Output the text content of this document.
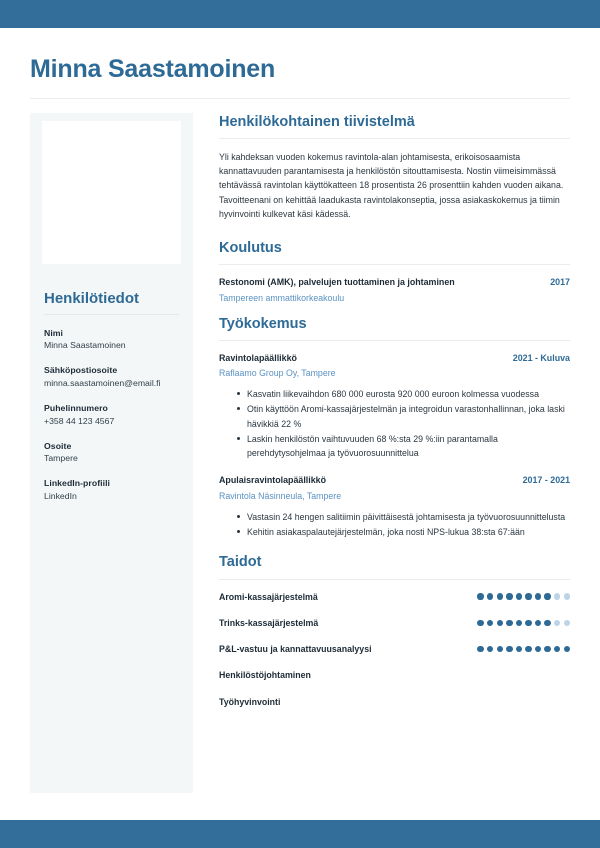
Minna Saastamoinen
Henkilötiedot
Nimi
Minna Saastamoinen
Sähköpostiosoite
minna.saastamoinen@email.fi
Puhelinnumero
+358 44 123 4567
Osoite
Tampere
LinkedIn-profiili
LinkedIn
Henkilökohtainen tiivistelmä

Yli kahdeksan vuoden kokemus ravintola-alan johtamisesta, erikoisosaamista kannattavuuden parantamisesta ja henkilöstön sitouttamisesta. Nostin viimeisimmässä tehtävässä ravintolan käyttökatteen 18 prosentista 26 prosenttiin kahden vuoden aikana. Tavoitteenani on kehittää laadukasta ravintolakonseptia, jossa asiakaskokemus ja tiimin hyvinvointi kulkevat käsi kädessä.

Koulutus
Restonomi (AMK), palvelujen tuottaminen ja johtaminen	2017
Tampereen ammattikorkeakoulu
Työkokemus
Ravintolapäällikkö	2021 - Kuluva
Raflaamo Group Oy, Tampere
Kasvatin liikevaihdon 680 000 eurosta 920 000 euroon kolmessa vuodessa
Otin käyttöön Aromi-kassajärjestelmän ja integroidun varastonhallinnan, joka laski hävikkiä 22 %
Laskin henkilöstön vaihtuvuuden 68 %:sta 29 %:iin parantamalla perehdytysohjelmaa ja työvuorosuunnittelua
Apulaisravintolapäällikkö	2017 - 2021
Ravintola Näsinneula, Tampere
Vastasin 24 hengen salitiimin päivittäisestä johtamisesta ja työvuorosuunnittelusta
Kehitin asiakaspalautejärjestelmän, joka nosti NPS-lukua 38:sta 67:ään
Taidot
Aromi-kassajärjestelmä
Trinks-kassajärjestelmä
P&L-vastuu ja kannattavuusanalyysi
Henkilöstöjohtaminen
Työhyvinvointi
